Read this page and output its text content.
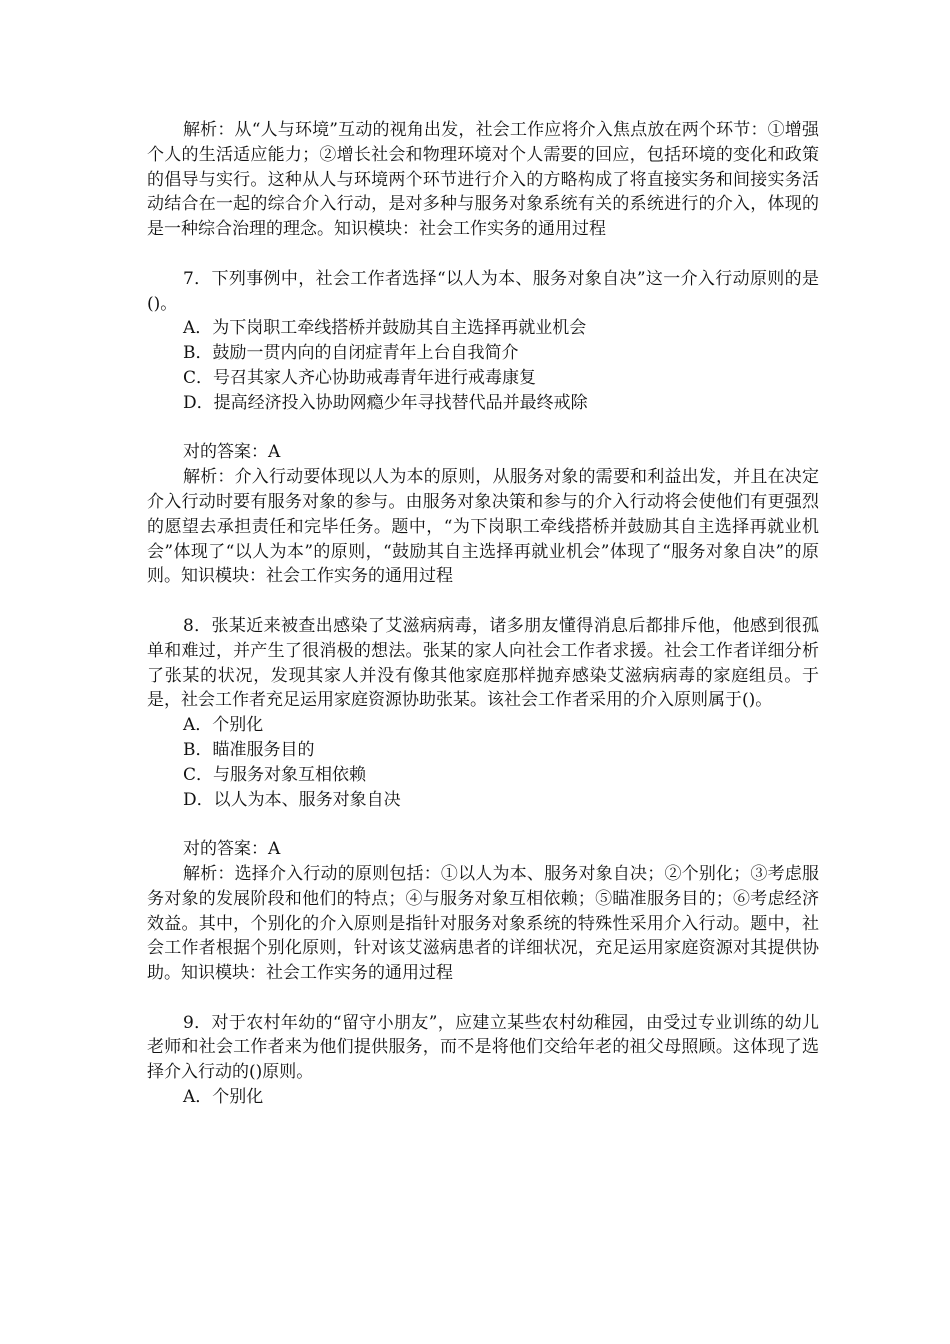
解析：从“人与环境”互动的视角出发，社会工作应将介入焦点放在两个环节：①增强个人的生活适应能力；②增长社会和物理环境对个人需要的回应，包括环境的变化和政策的倡导与实行。这种从人与环境两个环节进行介入的方略构成了将直接实务和间接实务活动结合在一起的综合介入行动，是对多种与服务对象系统有关的系统进行的介入，体现的是一种综合治理的理念。知识模块：社会工作实务的通用过程

7．下列事例中，社会工作者选择“以人为本、服务对象自决”这一介入行动原则的是()。

A．为下岗职工牵线搭桥并鼓励其自主选择再就业机会

B．鼓励一贯内向的自闭症青年上台自我简介

C．号召其家人齐心协助戒毒青年进行戒毒康复

D．提高经济投入协助网瘾少年寻找替代品并最终戒除

对的答案：A

解析：介入行动要体现以人为本的原则，从服务对象的需要和利益出发，并且在决定介入行动时要有服务对象的参与。由服务对象决策和参与的介入行动将会使他们有更强烈的愿望去承担责任和完毕任务。题中，“为下岗职工牵线搭桥并鼓励其自主选择再就业机会”体现了“以人为本”的原则，“鼓励其自主选择再就业机会”体现了“服务对象自决”的原则。知识模块：社会工作实务的通用过程

8．张某近来被查出感染了艾滋病病毒，诸多朋友懂得消息后都排斥他，他感到很孤单和难过，并产生了很消极的想法。张某的家人向社会工作者求援。社会工作者详细分析了张某的状况，发现其家人并没有像其他家庭那样抛弃感染艾滋病病毒的家庭组员。于是，社会工作者充足运用家庭资源协助张某。该社会工作者采用的介入原则属于()。

A．个别化

B．瞄准服务目的

C．与服务对象互相依赖

D．以人为本、服务对象自决

对的答案：A

解析：选择介入行动的原则包括：①以人为本、服务对象自决；②个别化；③考虑服务对象的发展阶段和他们的特点；④与服务对象互相依赖；⑤瞄准服务目的；⑥考虑经济效益。其中，个别化的介入原则是指针对服务对象系统的特殊性采用介入行动。题中，社会工作者根据个别化原则，针对该艾滋病患者的详细状况，充足运用家庭资源对其提供协助。知识模块：社会工作实务的通用过程

9．对于农村年幼的“留守小朋友”，应建立某些农村幼稚园，由受过专业训练的幼儿老师和社会工作者来为他们提供服务，而不是将他们交给年老的祖父母照顾。这体现了选择介入行动的()原则。

A．个别化
